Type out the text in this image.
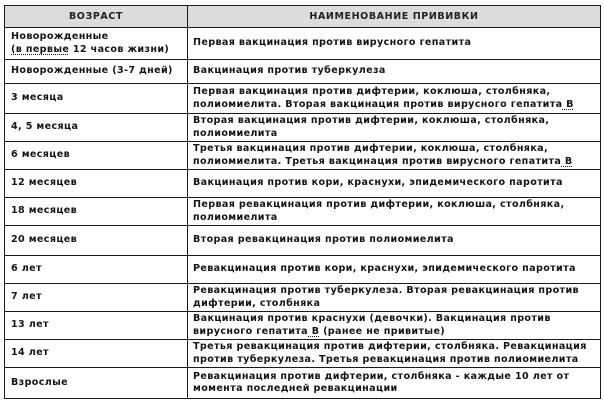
ВОЗРАСТ	НАИМЕНОВАНИЕ ПРИВИВКИ

Новорожденные
(в первые 12 часов жизни)	Первая вакцинация против вирусного гепатита
Новорожденные (3-7 дней)	Вакцинация против туберкулеза
3 месяца	Первая вакцинация против дифтерии, коклюша, столбняка, полиомиелита. Вторая вакцинация против вирусного гепатита В
4, 5 месяца	Вторая вакцинация против дифтерии, коклюша, столбняка, полиомиелита
6 месяцев	Третья вакцинация против дифтерии, коклюша, столбняка, полиомиелита. Третья вакцинация против вирусного гепатита В
12 месяцев	Вакцинация против кори, краснухи, эпидемического паротита
18 месяцев	Первая ревакцинация против дифтерии, коклюша, столбняка, полиомиелита
20 месяцев	Вторая ревакцинация против полиомиелита
6 лет	Ревакцинация против кори, краснухи, эпидемического паротита
7 лет	Ревакцинация против туберкулеза. Вторая ревакцинация против дифтерии, столбняка
13 лет	Вакцинация против краснухи (девочки). Вакцинация против вирусного гепатита В (ранее не привитые)
14 лет	Третья ревакцинация против дифтерии, столбняка. Ревакцинация против туберкулеза. Третья ревакцинация против полиомиелита
Взрослые	Ревакцинация против дифтерии, столбняка - каждые 10 лет от момента последней ревакцинации
